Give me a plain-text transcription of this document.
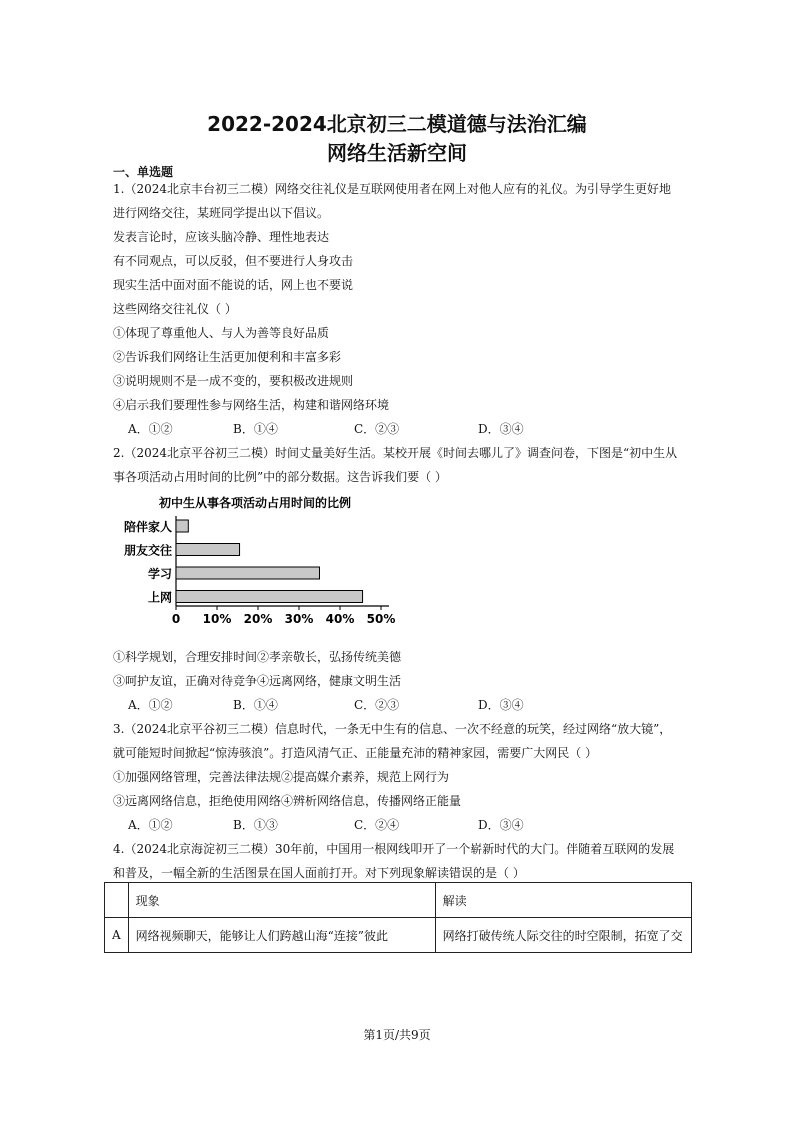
2022-2024北京初三二模道德与法治汇编
网络生活新空间
一、单选题
1.（2024北京丰台初三二模）网络交往礼仪是互联网使用者在网上对他人应有的礼仪。为引导学生更好地
进行网络交往，某班同学提出以下倡议。
发表言论时，应该头脑冷静、理性地表达
有不同观点，可以反驳，但不要进行人身攻击
现实生活中面对面不能说的话，网上也不要说
这些网络交往礼仪（ ）
①体现了尊重他人、与人为善等良好品质
②告诉我们网络让生活更加便利和丰富多彩
③说明规则不是一成不变的，要积极改进规则
④启示我们要理性参与网络生活，构建和谐网络环境
A．①②	B．①④	C．②③	D．③④
2.（2024北京平谷初三二模）时间丈量美好生活。某校开展《时间去哪儿了》调查问卷，下图是“初中生从
事各项活动占用时间的比例”中的部分数据。这告诉我们要（ ）
初中生从事各项活动占用时间的比例
0 10% 20% 30% 40% 50%
陪伴家人
朋友交往
学习
上网
①科学规划，合理安排时间②孝亲敬长，弘扬传统美德
③呵护友谊，正确对待竞争④远离网络，健康文明生活
A．①②	B．①④	C．②③	D．③④
3.（2024北京平谷初三二模）信息时代，一条无中生有的信息、一次不经意的玩笑，经过网络“放大镜”，
就可能短时间掀起“惊涛骇浪”。打造风清气正、正能量充沛的精神家园，需要广大网民（ ）
①加强网络管理，完善法律法规②提高媒介素养，规范上网行为
③远离网络信息，拒绝使用网络④辨析网络信息，传播网络正能量
A．①②	B．①③	C．②④	D．③④
4.（2024北京海淀初三二模）30年前，中国用一根网线叩开了一个崭新时代的大门。伴随着互联网的发展
和普及，一幅全新的生活图景在国人面前打开。对下列现象解读错误的是（ ）
	现象	解读
A	网络视频聊天，能够让人们跨越山海“连接”彼此	网络打破传统人际交往的时空限制，拓宽了交
第1页/共9页
